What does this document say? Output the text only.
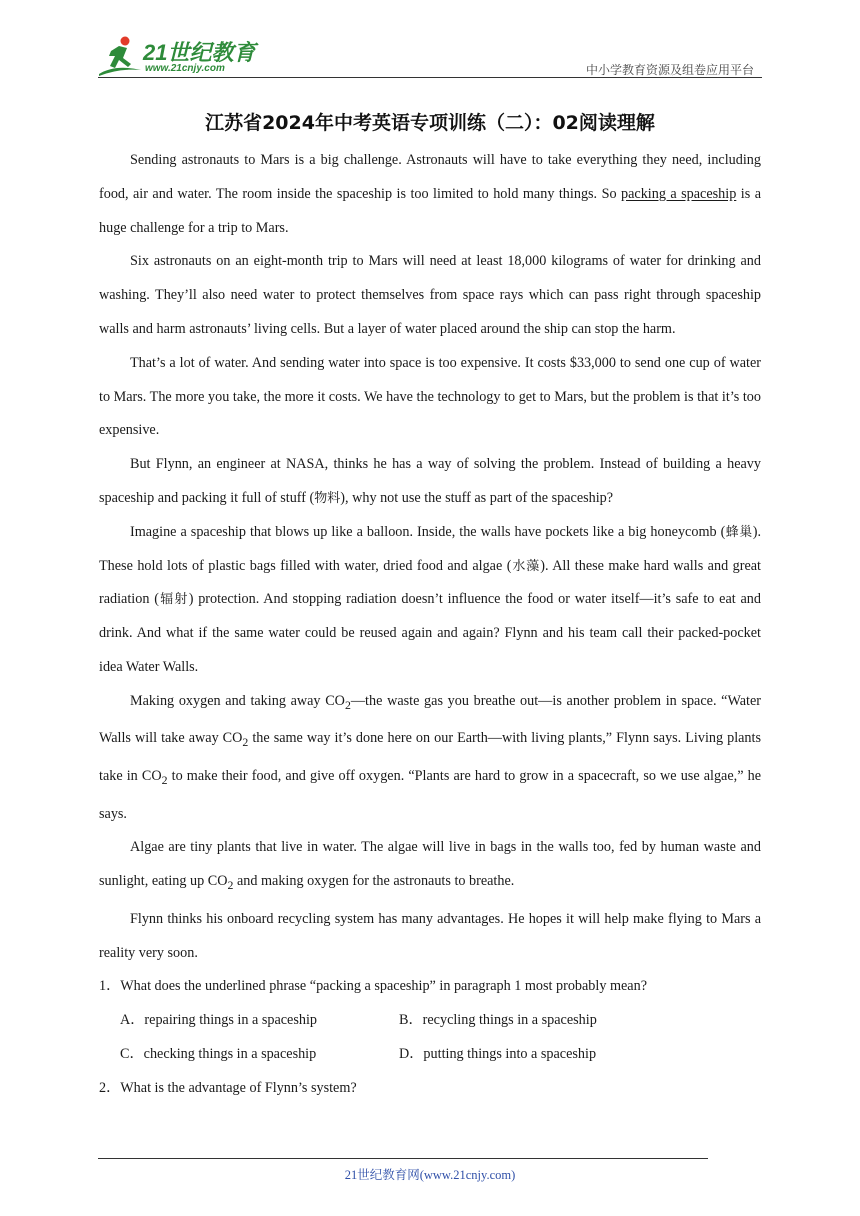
21世纪教育
www.21cnjy.com	中小学教育资源及组卷应用平台
江苏省2024年中考英语专项训练（二）：02阅读理解

Sending astronauts to Mars is a big challenge. Astronauts will have to take everything they need, including food, air and water. The room inside the spaceship is too limited to hold many things. So packing a spaceship is a huge challenge for a trip to Mars.

Six astronauts on an eight-month trip to Mars will need at least 18,000 kilograms of water for drinking and washing. They’ll also need water to protect themselves from space rays which can pass right through spaceship walls and harm astronauts’ living cells. But a layer of water placed around the ship can stop the harm.

That’s a lot of water. And sending water into space is too expensive. It costs $33,000 to send one cup of water to Mars. The more you take, the more it costs. We have the technology to get to Mars, but the problem is that it’s too expensive.

But Flynn, an engineer at NASA, thinks he has a way of solving the problem. Instead of building a heavy spaceship and packing it full of stuff (物料), why not use the stuff as part of the spaceship?

Imagine a spaceship that blows up like a balloon. Inside, the walls have pockets like a big honeycomb (蜂巢). These hold lots of plastic bags filled with water, dried food and algae (水藻). All these make hard walls and great radiation (辐射) protection. And stopping radiation doesn’t influence the food or water itself—it’s safe to eat and drink. And what if the same water could be reused again and again? Flynn and his team call their packed-pocket idea Water Walls.

Making oxygen and taking away $CO_2—the$ waste gas you breathe out—is another problem in space. “Water Walls will take away $CO_2$ the same way it’s done here on our Earth—with living plants,” Flynn says. Living plants take in $CO_2$ to make their food, and give off oxygen. “Plants are hard to grow in a spacecraft, so we use algae,” he says.

Algae are tiny plants that live in water. The algae will live in bags in the walls too, fed by human waste and sunlight, eating up $CO_2$ and making oxygen for the astronauts to breathe.

Flynn thinks his onboard recycling system has many advantages. He hopes it will help make flying to Mars a reality very soon.

1．What does the underlined phrase “packing a spaceship” in paragraph 1 most probably mean?

A．repairing things in a spaceship	B．recycling things in a spaceship
C．checking things in a spaceship	D．putting things into a spaceship

2．What is the advantage of Flynn’s system?

21世纪教育网(www.21cnjy.com)
